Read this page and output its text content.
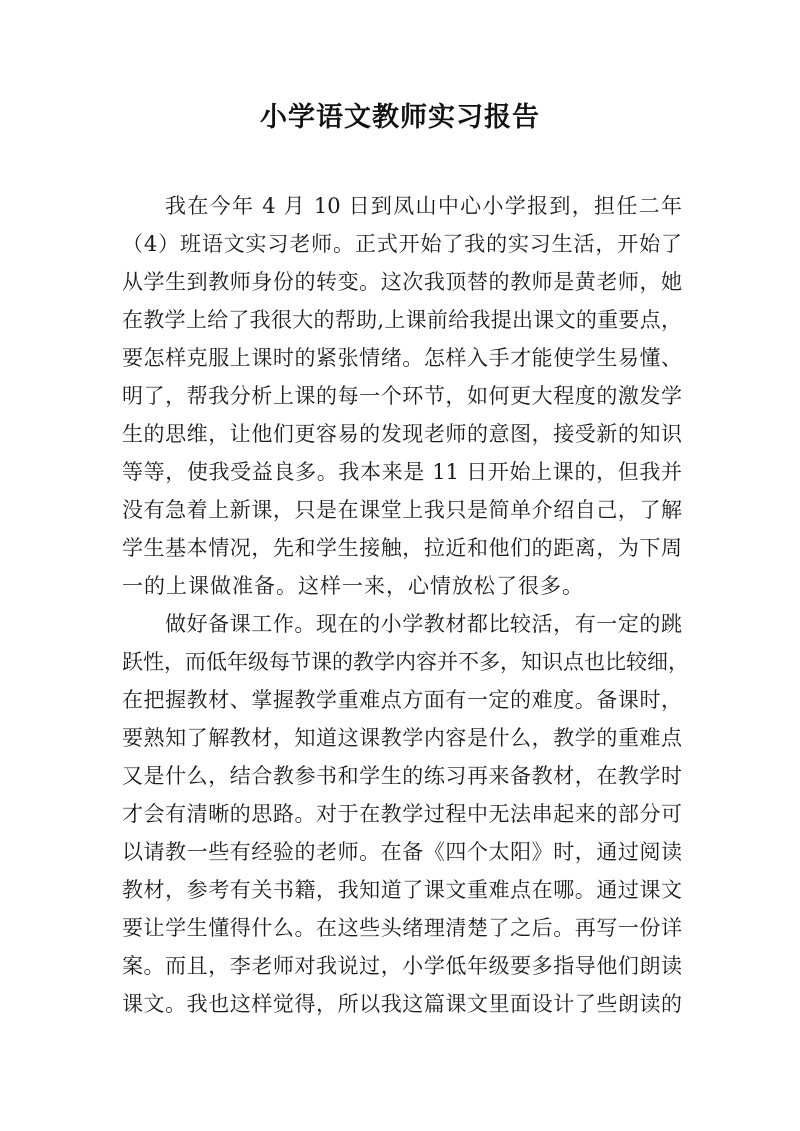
小学语文教师实习报告
我在今年 4 月 10 日到凤山中心小学报到，担任二年
（4）班语文实习老师。正式开始了我的实习生活，开始了
从学生到教师身份的转变。这次我顶替的教师是黄老师，她
在教学上给了我很大的帮助,上课前给我提出课文的重要点，
要怎样克服上课时的紧张情绪。怎样入手才能使学生易懂、
明了，帮我分析上课的每一个环节，如何更大程度的激发学
生的思维，让他们更容易的发现老师的意图，接受新的知识
等等，使我受益良多。我本来是 11 日开始上课的，但我并
没有急着上新课，只是在课堂上我只是简单介绍自己，了解
学生基本情况，先和学生接触，拉近和他们的距离，为下周
一的上课做准备。这样一来，心情放松了很多。
做好备课工作。现在的小学教材都比较活，有一定的跳
跃性，而低年级每节课的教学内容并不多，知识点也比较细，
在把握教材、掌握教学重难点方面有一定的难度。备课时，
要熟知了解教材，知道这课教学内容是什么，教学的重难点
又是什么，结合教参书和学生的练习再来备教材，在教学时
才会有清晰的思路。对于在教学过程中无法串起来的部分可
以请教一些有经验的老师。在备《四个太阳》时，通过阅读
教材，参考有关书籍，我知道了课文重难点在哪。通过课文
要让学生懂得什么。在这些头绪理清楚了之后。再写一份详
案。而且，李老师对我说过，小学低年级要多指导他们朗读
课文。我也这样觉得，所以我这篇课文里面设计了些朗读的
